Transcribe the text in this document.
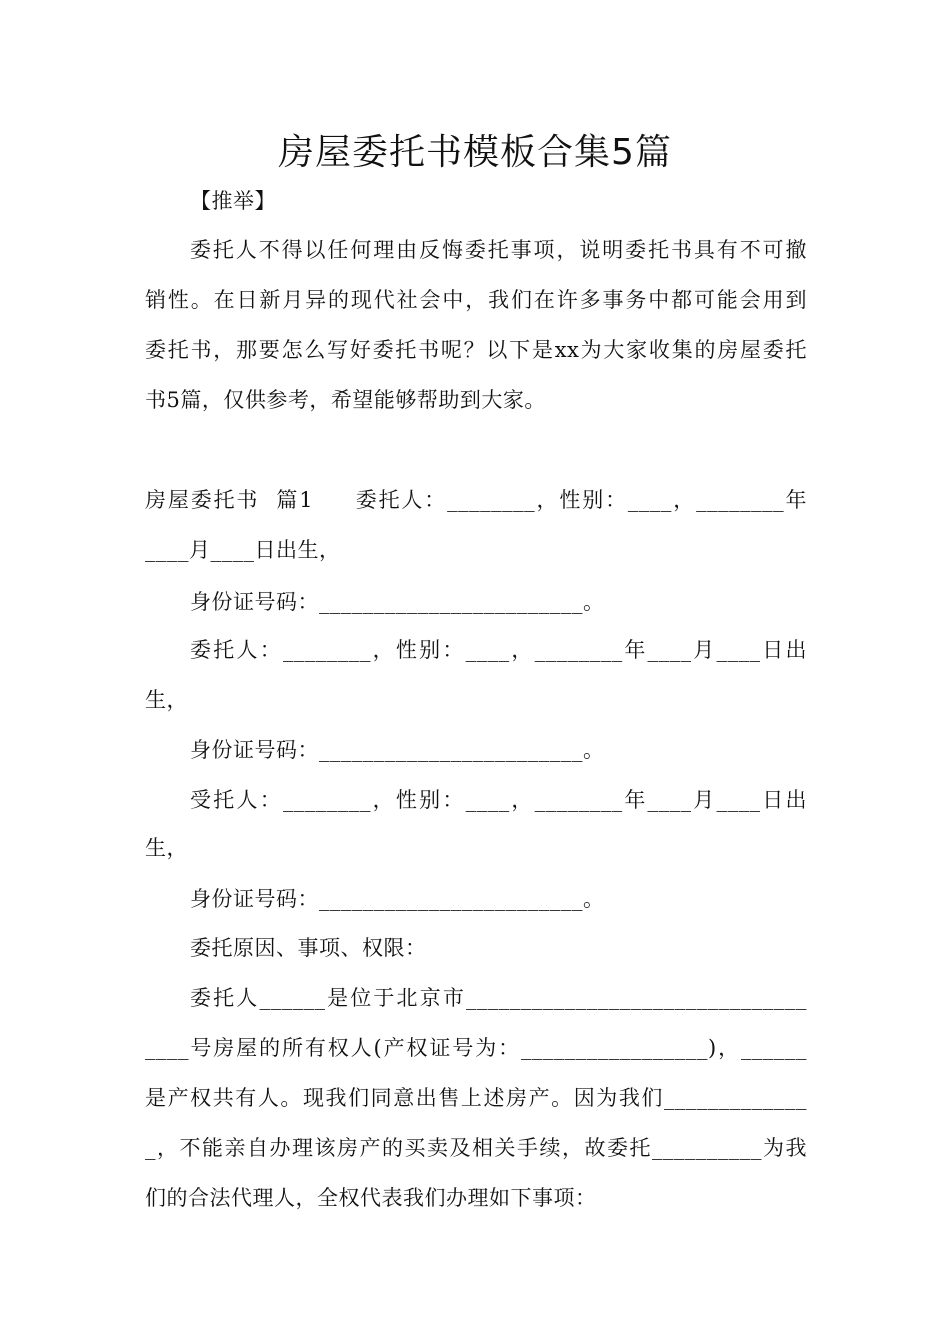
房屋委托书模板合集5篇
【推举】
委托人不得以任何理由反悔委托事项，说明委托书具有不可撤
销性。在日新月异的现代社会中，我们在许多事务中都可能会用到
委托书，那要怎么写好委托书呢？以下是xx为大家收集的房屋委托
书5篇，仅供参考，希望能够帮助到大家。
房屋委托书  篇1     委托人：________，性别：____，________年
____月____日出生，
身份证号码：________________________。
委托人：________，性别：____，________年____月____日出
生，
身份证号码：________________________。
受托人：________，性别：____，________年____月____日出
生，
身份证号码：________________________。
委托原因、事项、权限：
委托人______是位于北京市_______________________________
____号房屋的所有权人(产权证号为：_________________)，______
是产权共有人。现我们同意出售上述房产。因为我们_____________
_，不能亲自办理该房产的买卖及相关手续，故委托__________为我
们的合法代理人，全权代表我们办理如下事项：
